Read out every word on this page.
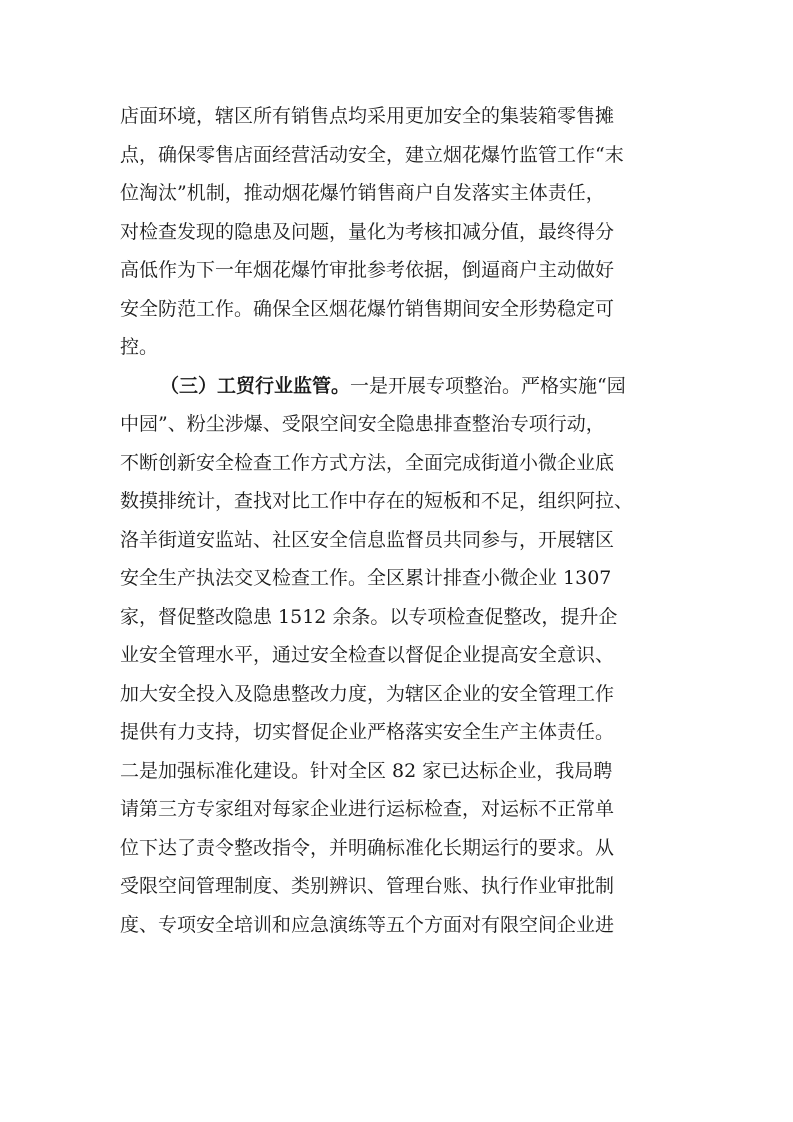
店面环境，辖区所有销售点均采用更加安全的集装箱零售摊
点，确保零售店面经营活动安全，建立烟花爆竹监管工作“末
位淘汰”机制，推动烟花爆竹销售商户自发落实主体责任，
对检查发现的隐患及问题，量化为考核扣减分值，最终得分
高低作为下一年烟花爆竹审批参考依据，倒逼商户主动做好
安全防范工作。确保全区烟花爆竹销售期间安全形势稳定可
控。
（三）工贸行业监管。一是开展专项整治。严格实施“园
中园”、粉尘涉爆、受限空间安全隐患排查整治专项行动，
不断创新安全检查工作方式方法，全面完成街道小微企业底
数摸排统计，查找对比工作中存在的短板和不足，组织阿拉、
洛羊街道安监站、社区安全信息监督员共同参与，开展辖区
安全生产执法交叉检查工作。全区累计排查小微企业 1307
家，督促整改隐患 1512 余条。以专项检查促整改，提升企
业安全管理水平，通过安全检查以督促企业提高安全意识、
加大安全投入及隐患整改力度，为辖区企业的安全管理工作
提供有力支持，切实督促企业严格落实安全生产主体责任。
二是加强标准化建设。针对全区 82 家已达标企业，我局聘
请第三方专家组对每家企业进行运标检查，对运标不正常单
位下达了责令整改指令，并明确标准化长期运行的要求。从
受限空间管理制度、类别辨识、管理台账、执行作业审批制
度、专项安全培训和应急演练等五个方面对有限空间企业进
